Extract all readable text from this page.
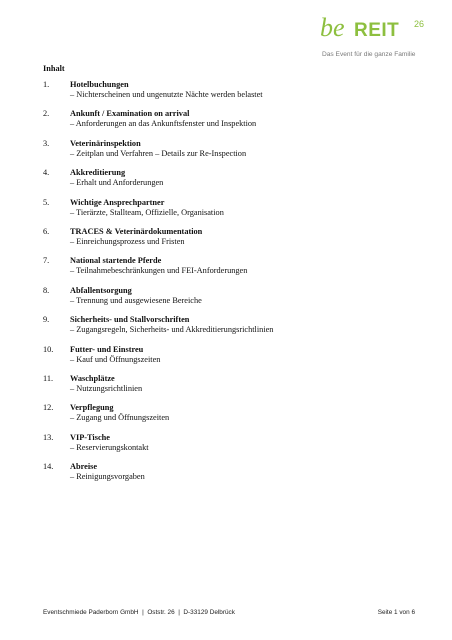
be REIT 26
Das Event für die ganze Familie
Inhalt
1.	Hotelbuchungen
– Nichterscheinen und ungenutzte Nächte werden belastet
2.	Ankunft / Examination on arrival
– Anforderungen an das Ankunftsfenster und Inspektion
3.	Veterinärinspektion
– Zeitplan und Verfahren – Details zur Re-Inspection
4.	Akkreditierung
– Erhalt und Anforderungen
5.	Wichtige Ansprechpartner
– Tierärzte, Stallteam, Offizielle, Organisation
6.	TRACES & Veterinärdokumentation
– Einreichungsprozess und Fristen
7.	National startende Pferde
– Teilnahmebeschränkungen und FEI-Anforderungen
8.	Abfallentsorgung
– Trennung und ausgewiesene Bereiche
9.	Sicherheits- und Stallvorschriften
– Zugangsregeln, Sicherheits- und Akkreditierungsrichtlinien
10. Futter- und Einstreu
– Kauf und Öffnungszeiten
11. Waschplätze
– Nutzungsrichtlinien
12. Verpflegung
– Zugang und Öffnungszeiten
13. VIP-Tische
– Reservierungskontakt
14. Abreise
– Reinigungsvorgaben
Eventschmiede Paderborn GmbH  |  Oststr. 26  |  D-33129 Delbrück	Seite 1 von 6
